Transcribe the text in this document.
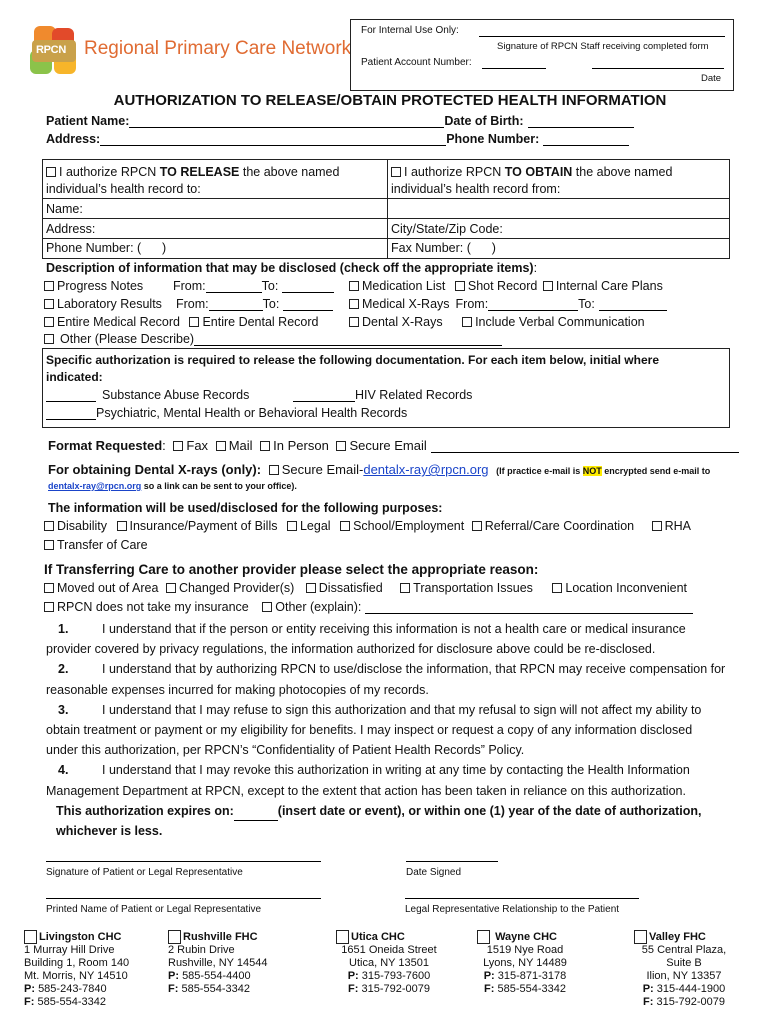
RPCN Regional Primary Care Network
For Internal Use Only:
Signature of RPCN Staff receiving completed form
Patient Account Number:
Date
AUTHORIZATION TO RELEASE/OBTAIN PROTECTED HEALTH INFORMATION
Patient Name:	Date of Birth:
Address:	Phone Number:
I authorize RPCN TO RELEASE the above named
individual’s health record to:
I authorize RPCN TO OBTAIN the above named
individual’s health record from:
Name:
Address:	City/State/Zip Code:
Phone Number: (      )	Fax Number: (      )
Description of information that may be disclosed (check off the appropriate items):
Progress Notes From:	To:	Medication List Shot Record Internal Care Plans
Laboratory Results From:	To:	Medical X-Rays From:	To:
Entire Medical Record Entire Dental Record	Dental X-Rays	Include Verbal Communication
Other (Please Describe)
Specific authorization is required to release the following documentation. For each item below, initial where
indicated:
Substance Abuse Records	HIV Related Records
Psychiatric, Mental Health or Behavioral Health Records
Format Requested: Fax Mail In Person Secure Email
For obtaining Dental X-rays (only): Secure Email-dentalx-ray@rpcn.org (If practice e-mail is NOT encrypted send e-mail to
dentalx-ray@rpcn.org so a link can be sent to your office).
The information will be used/disclosed for the following purposes:
Disability Insurance/Payment of Bills Legal School/Employment Referral/Care Coordination RHA
Transfer of Care
If Transferring Care to another provider please select the appropriate reason:
Moved out of Area Changed Provider(s) Dissatisfied Transportation Issues	Location Inconvenient
RPCN does not take my insurance Other (explain):
1.	I understand that if the person or entity receiving this information is not a health care or medical insurance
provider covered by privacy regulations, the information authorized for disclosure above could be re-disclosed.
2.	I understand that by authorizing RPCN to use/disclose the information, that RPCN may receive compensation for
reasonable expenses incurred for making photocopies of my records.
3.	I understand that I may refuse to sign this authorization and that my refusal to sign will not affect my ability to
obtain treatment or payment or my eligibility for benefits. I may inspect or request a copy of any information disclosed
under this authorization, per RPCN’s “Confidentiality of Patient Health Records” Policy.
4.	I understand that I may revoke this authorization in writing at any time by contacting the Health Information
Management Department at RPCN, except to the extent that action has been taken in reliance on this authorization.
This authorization expires on:	(insert date or event), or within one (1) year of the date of authorization,
whichever is less.
Signature of Patient or Legal Representative	Date Signed
Printed Name of Patient or Legal Representative	Legal Representative Relationship to the Patient
Livingston CHC
1 Murray Hill Drive
Building 1, Room 140
Mt. Morris, NY 14510
P: 585-243-7840
F: 585-554-3342
Rushville FHC
2 Rubin Drive
Rushville, NY 14544
P: 585-554-4400
F: 585-554-3342
Utica CHC
1651 Oneida Street
Utica, NY 13501
P: 315-793-7600
F: 315-792-0079
Wayne CHC
1519 Nye Road
Lyons, NY 14489
P: 315-871-3178
F: 585-554-3342
Valley FHC
55 Central Plaza,
Suite B
Ilion, NY 13357
P: 315-444-1900
F: 315-792-0079
